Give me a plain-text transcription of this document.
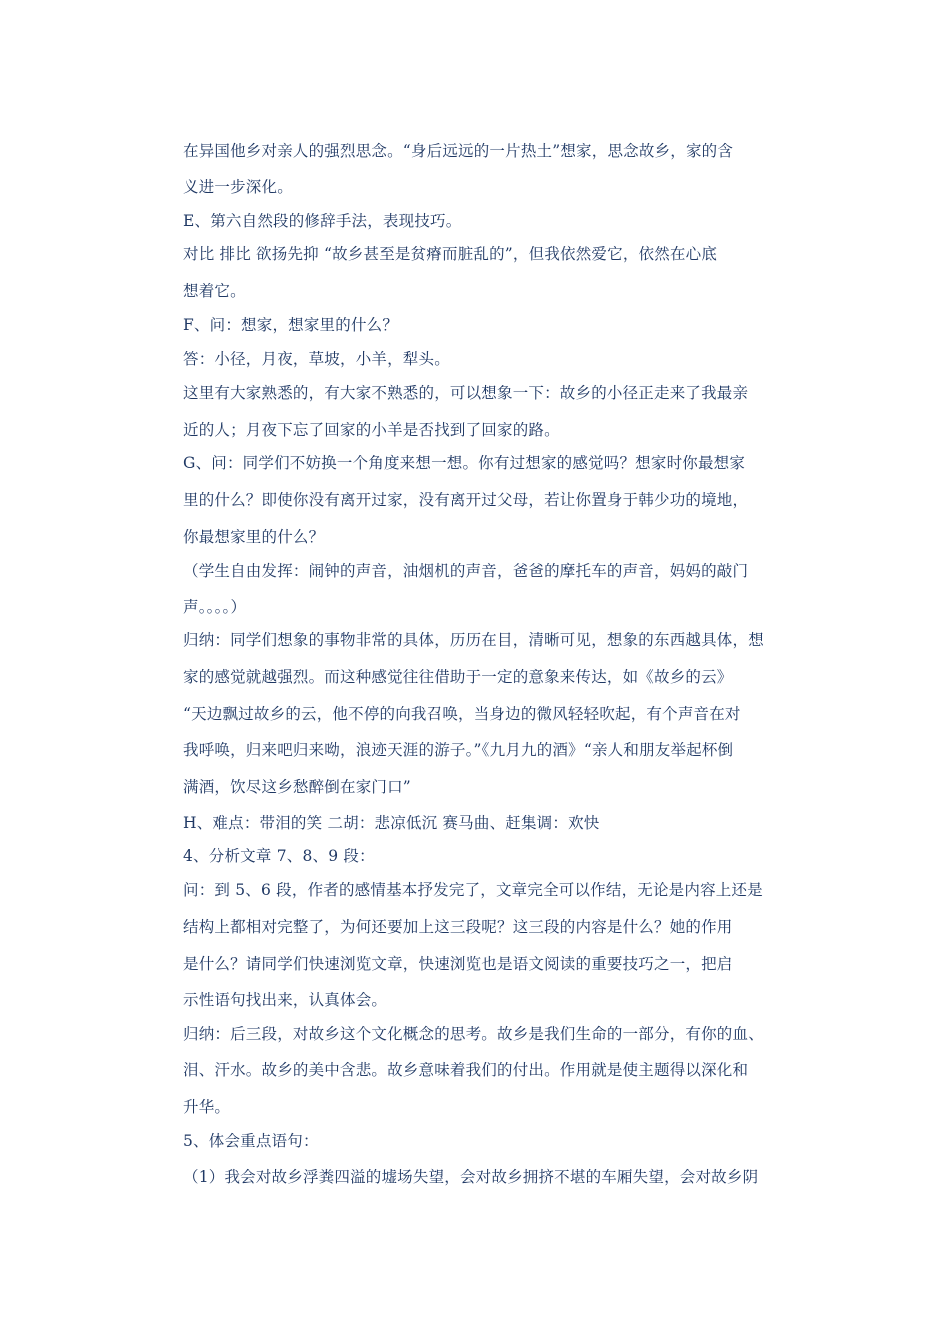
在异国他乡对亲人的强烈思念。“身后远远的一片热土”想家，思念故乡，家的含
义进一步深化。
E、第六自然段的修辞手法，表现技巧。
对比 排比 欲扬先抑 “故乡甚至是贫瘠而脏乱的”，但我依然爱它，依然在心底
想着它。
F、问：想家，想家里的什么？
答：小径，月夜，草坡，小羊，犁头。
这里有大家熟悉的，有大家不熟悉的，可以想象一下：故乡的小径正走来了我最亲
近的人；月夜下忘了回家的小羊是否找到了回家的路。
G、问：同学们不妨换一个角度来想一想。你有过想家的感觉吗？想家时你最想家
里的什么？即使你没有离开过家，没有离开过父母，若让你置身于韩少功的境地，
你最想家里的什么？
（学生自由发挥：闹钟的声音，油烟机的声音，爸爸的摩托车的声音，妈妈的敲门
声。。。。）
归纳：同学们想象的事物非常的具体，历历在目，清晰可见，想象的东西越具体，想
家的感觉就越强烈。而这种感觉往往借助于一定的意象来传达，如《故乡的云》
“天边飘过故乡的云，他不停的向我召唤，当身边的微风轻轻吹起，有个声音在对
我呼唤，归来吧归来呦，浪迹天涯的游子。”《九月九的酒》“亲人和朋友举起杯倒
满酒，饮尽这乡愁醉倒在家门口”
H、难点：带泪的笑 二胡：悲凉低沉 赛马曲、赶集调：欢快
4、分析文章 7、8、9 段：
问：到 5、6 段，作者的感情基本抒发完了，文章完全可以作结，无论是内容上还是
结构上都相对完整了，为何还要加上这三段呢？这三段的内容是什么？她的作用
是什么？请同学们快速浏览文章，快速浏览也是语文阅读的重要技巧之一，把启
示性语句找出来，认真体会。
归纳：后三段，对故乡这个文化概念的思考。故乡是我们生命的一部分，有你的血、
泪、汗水。故乡的美中含悲。故乡意味着我们的付出。作用就是使主题得以深化和
升华。
5、体会重点语句：
（1）我会对故乡浮粪四溢的墟场失望，会对故乡拥挤不堪的车厢失望，会对故乡阴
